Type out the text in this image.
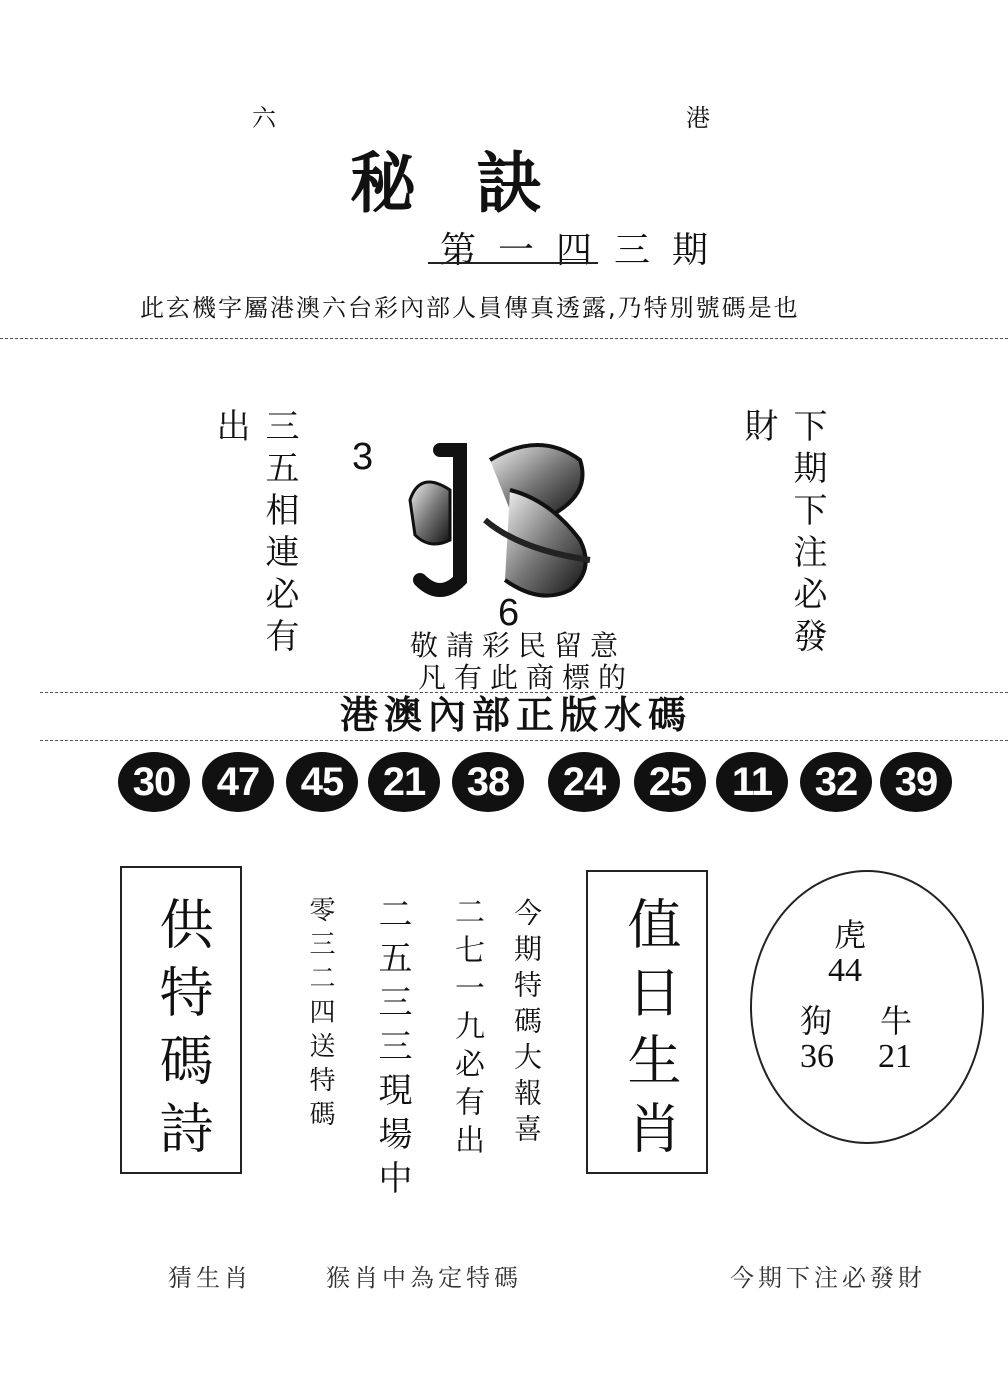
六	港
秘訣
第一四三期
此玄機字屬港澳六台彩內部人員傳真透露,乃特別號碼是也
三五相連必有出	下期下注必發財
3
6
敬請彩民留意
凡有此商標的
港澳內部正版水碼
30	47	45 21	38	24	25	11	32 39
供特碼詩	零三二四送特碼 二五三三現場中 二七一九必有出 今期特碼大報喜 值日生肖	虎
44
狗 牛
36 21
猜生肖	猴肖中為定特碼	今期下注必發財
